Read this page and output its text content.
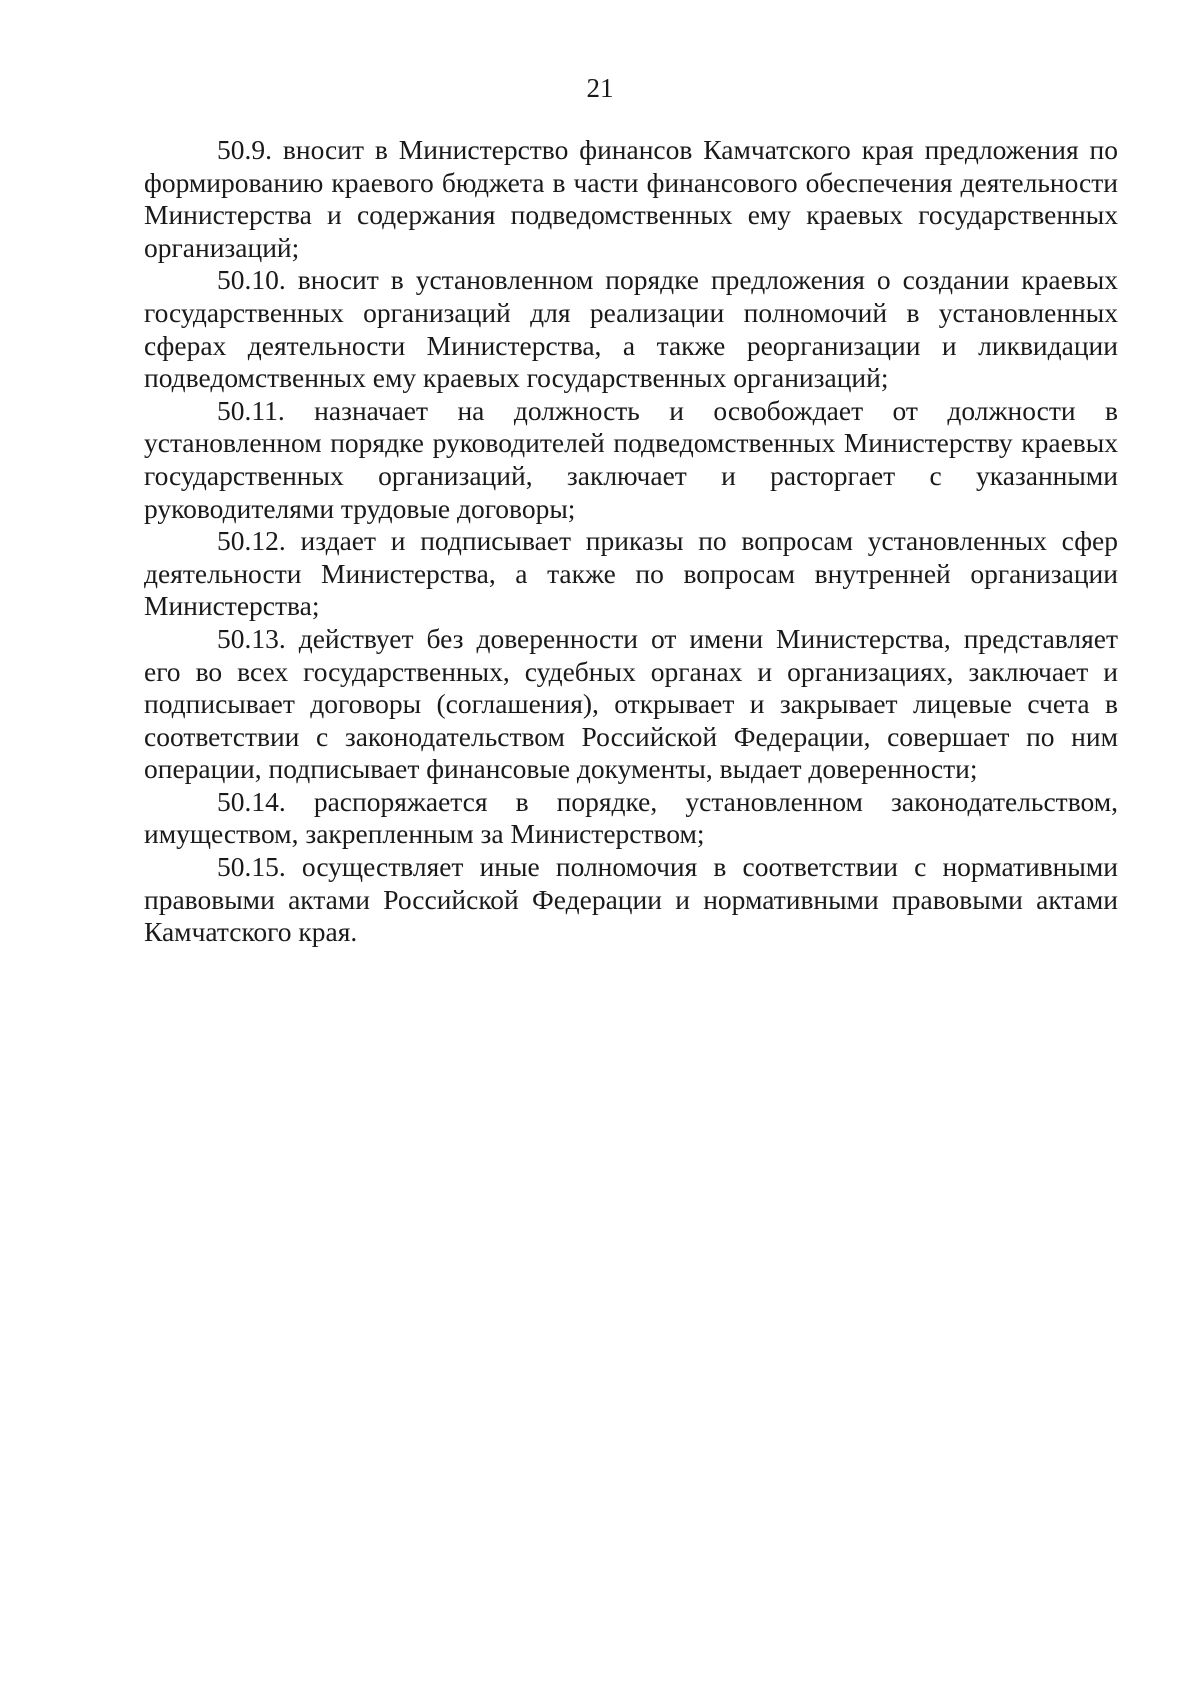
21

50.9. вносит в Министерство финансов Камчатского края предложения по формированию краевого бюджета в части финансового обеспечения деятельности Министерства и содержания подведомственных ему краевых государственных организаций;

50.10. вносит в установленном порядке предложения о создании краевых государственных организаций для реализации полномочий в установленных сферах деятельности Министерства, а также реорганизации и ликвидации подведомственных ему краевых государственных организаций;

50.11. назначает на должность и освобождает от должности в установленном порядке руководителей подведомственных Министерству краевых государственных организаций, заключает и расторгает с указанными руководителями трудовые договоры;

50.12. издает и подписывает приказы по вопросам установленных сфер деятельности Министерства, а также по вопросам внутренней организации Министерства;

50.13. действует без доверенности от имени Министерства, представляет его во всех государственных, судебных органах и организациях, заключает и подписывает договоры (соглашения), открывает и закрывает лицевые счета в соответствии с законодательством Российской Федерации, совершает по ним операции, подписывает финансовые документы, выдает доверенности;

50.14. распоряжается в порядке, установленном законодательством, имуществом, закрепленным за Министерством;

50.15. осуществляет иные полномочия в соответствии с нормативными правовыми актами Российской Федерации и нормативными правовыми актами Камчатского края.
